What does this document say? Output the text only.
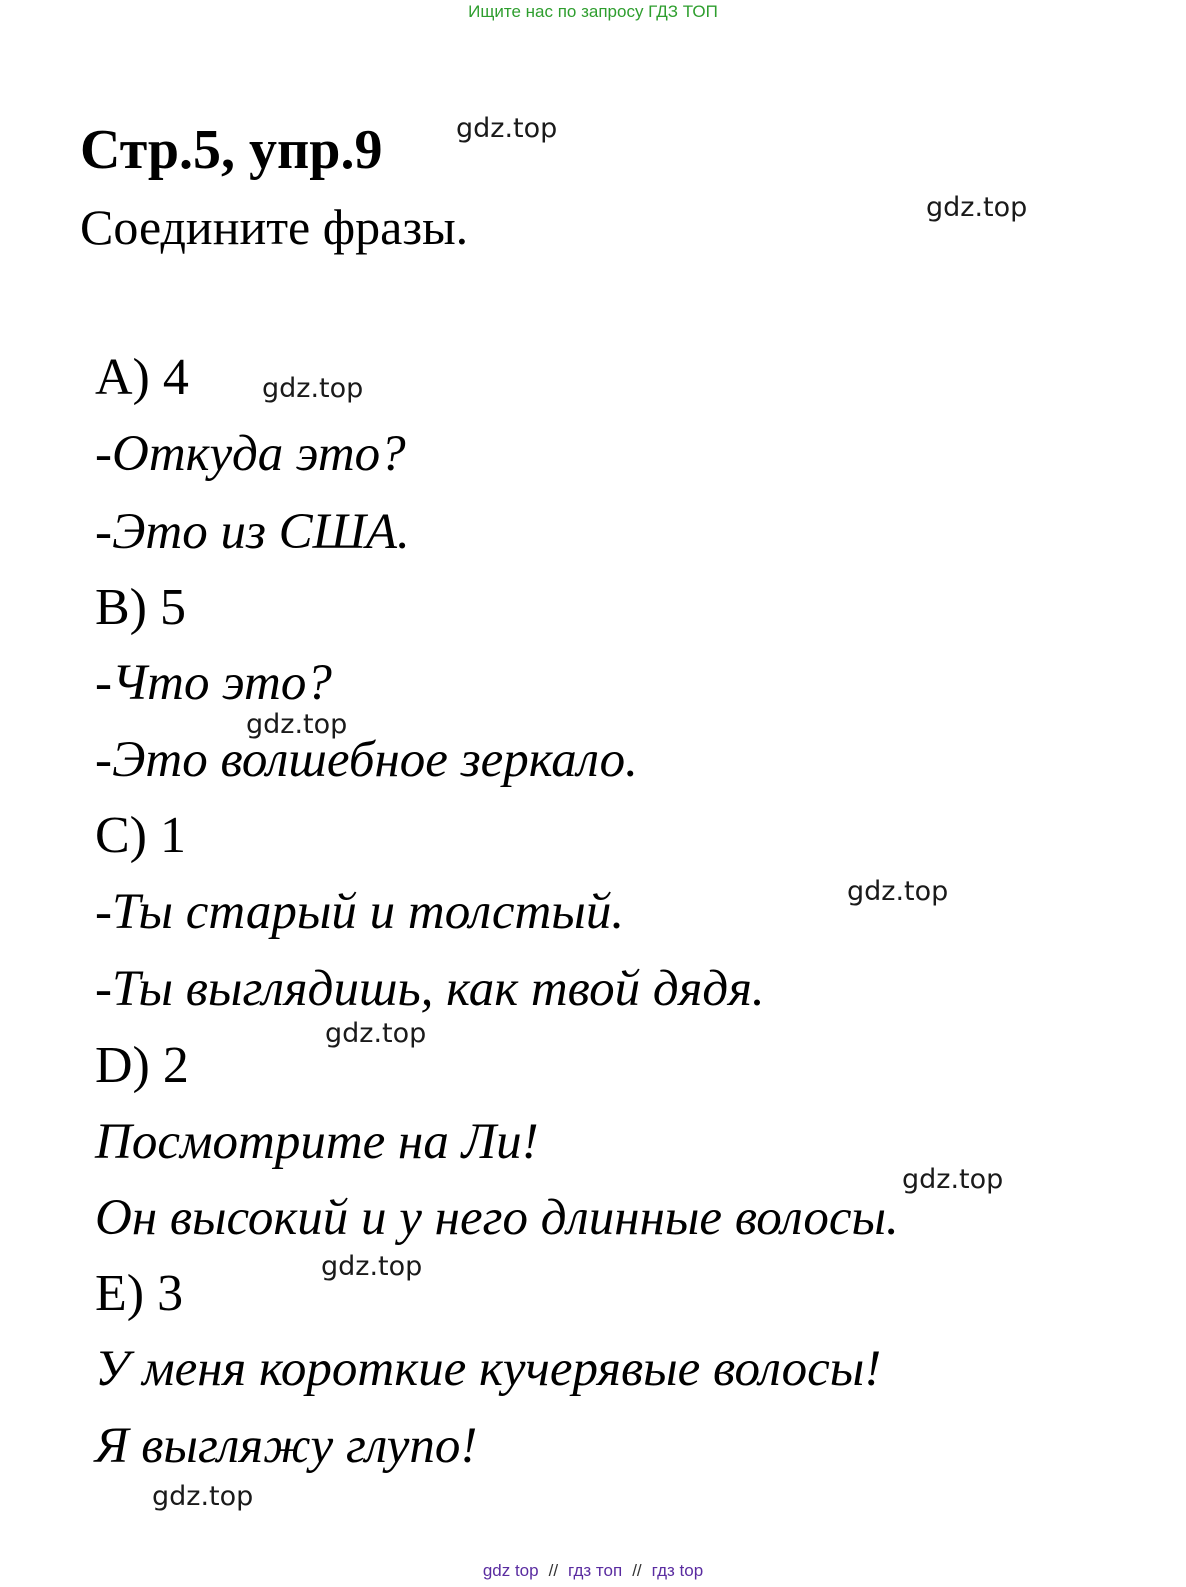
Ищите нас по запросу ГДЗ ТОП
gdz.top
gdz.top
gdz.top
gdz.top
gdz.top
gdz.top
gdz.top
gdz.top
gdz.top
Стр.5, упр.9
Соедините фразы.
A) 4
-Откуда это?
-Это из США.
B) 5
-Что это?
-Это волшебное зеркало.
C) 1
-Ты старый и толстый.
-Ты выглядишь, как твой дядя.
D) 2
Посмотрите на Ли!
Он высокий и у него длинные волосы.
E) 3
У меня короткие кучерявые волосы!
Я выгляжу глупо!
gdz top // гдз топ // гдз top
